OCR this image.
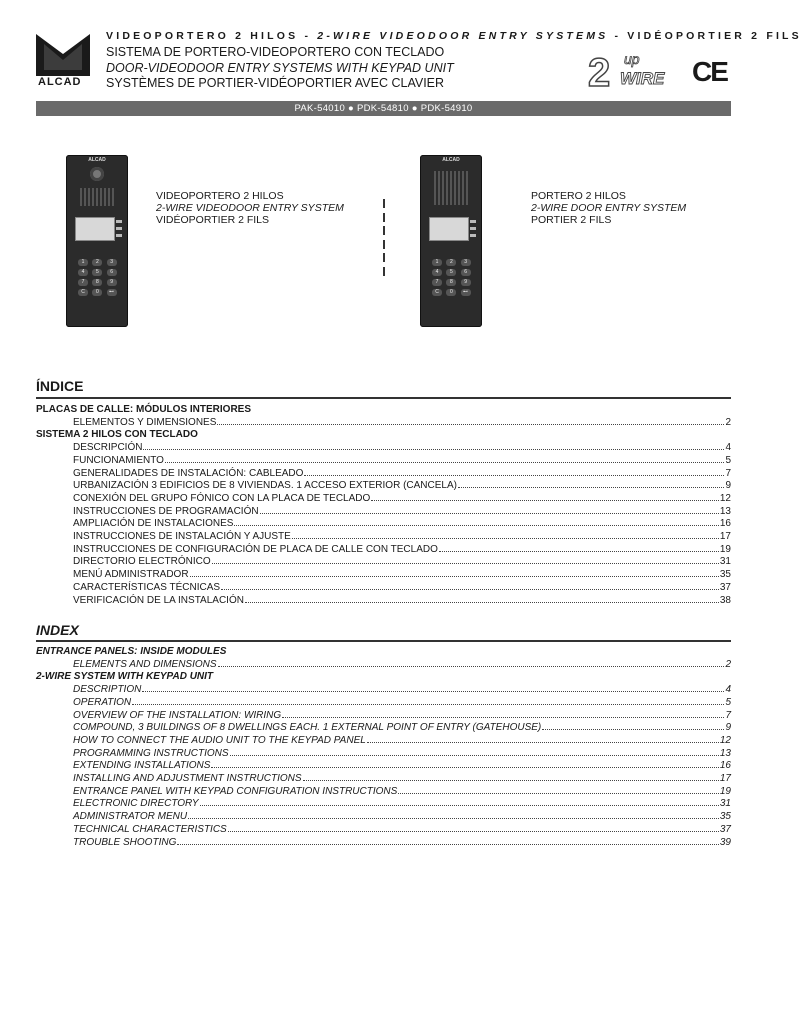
ALCAD
VIDEOPORTERO 2 HILOS - 2-WIRE VIDEODOOR ENTRY SYSTEMS - VIDÉOPORTIER 2 FILS
SISTEMA DE PORTERO-VIDEOPORTERO CON TECLADO
DOOR-VIDEODOOR ENTRY SYSTEMS WITH KEYPAD UNIT
SYSTÈMES DE PORTIER-VIDÉOPORTIER AVEC CLAVIER	2 up
WIRE CE
PAK-54010 ● PDK-54810 ● PDK-54910
ALCAD
1	2	3
4	5	6
7	8	9
C	0	⊷
VIDEOPORTERO 2 HILOS
2-WIRE VIDEODOOR ENTRY SYSTEM
VIDÉOPORTIER 2 FILS
ALCAD
1	2	3
4	5	6
7	8	9
C	0	⊷
PORTERO 2 HILOS
2-WIRE DOOR ENTRY SYSTEM
PORTIER 2 FILS
ÍNDICE
PLACAS DE CALLE: MÓDULOS INTERIORES
ELEMENTOS Y DIMENSIONES	2
SISTEMA 2 HILOS CON TECLADO
DESCRIPCIÓN	4
FUNCIONAMIENTO	5
GENERALIDADES DE INSTALACIÓN: CABLEADO	7
URBANIZACIÓN 3 EDIFICIOS DE 8 VIVIENDAS. 1 ACCESO EXTERIOR (CANCELA)	9
CONEXIÓN DEL GRUPO FÓNICO CON LA PLACA DE TECLADO	12
INSTRUCCIONES DE PROGRAMACIÓN	13
AMPLIACIÓN DE INSTALACIONES	16
INSTRUCCIONES DE INSTALACIÓN Y AJUSTE	17
INSTRUCCIONES DE CONFIGURACIÓN DE PLACA DE CALLE CON TECLADO	19
DIRECTORIO ELECTRÓNICO	31
MENÚ ADMINISTRADOR	35
CARACTERÍSTICAS TÉCNICAS	37
VERIFICACIÓN DE LA INSTALACIÓN	38
INDEX
ENTRANCE PANELS: INSIDE MODULES
ELEMENTS AND DIMENSIONS	2
2-WIRE SYSTEM WITH KEYPAD UNIT
DESCRIPTION	4
OPERATION	5
OVERVIEW OF THE INSTALLATION: WIRING	7
COMPOUND, 3 BUILDINGS OF 8 DWELLINGS EACH. 1 EXTERNAL POINT OF ENTRY (GATEHOUSE)	9
HOW TO CONNECT THE AUDIO UNIT TO THE KEYPAD PANEL	12
PROGRAMMING INSTRUCTIONS	13
EXTENDING INSTALLATIONS	16
INSTALLING AND ADJUSTMENT INSTRUCTIONS	17
ENTRANCE PANEL WITH KEYPAD CONFIGURATION INSTRUCTIONS	19
ELECTRONIC DIRECTORY	31
ADMINISTRATOR MENU	35
TECHNICAL CHARACTERISTICS	37
TROUBLE SHOOTING	39
